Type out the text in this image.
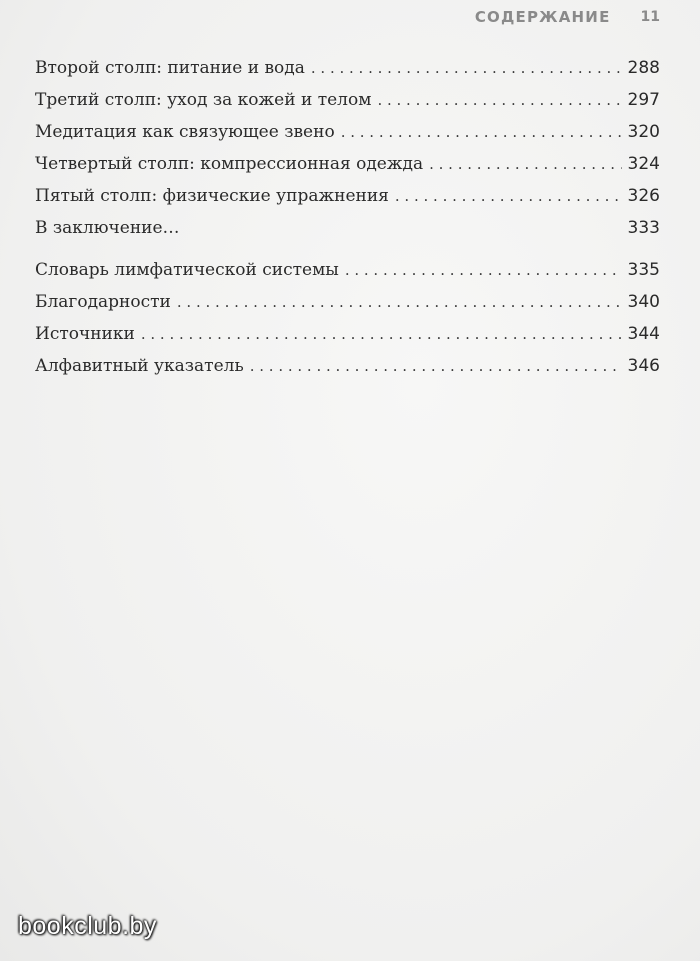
СОДЕРЖАНИЕ 11
Второй столп: питание и вода . . .	288
Третий столп: уход за кожей и телом . . .	297
Медитация как связующее звено . . .	320
Четвертый столп: компрессионная одежда . . .	324
Пятый столп: физические упражнения . . .	326
В заключение…	333
Словарь лимфатической системы . . .	335
Благодарности . . .	340
Источники . . .	344
Алфавитный указатель . . .	346
bookclub.by
